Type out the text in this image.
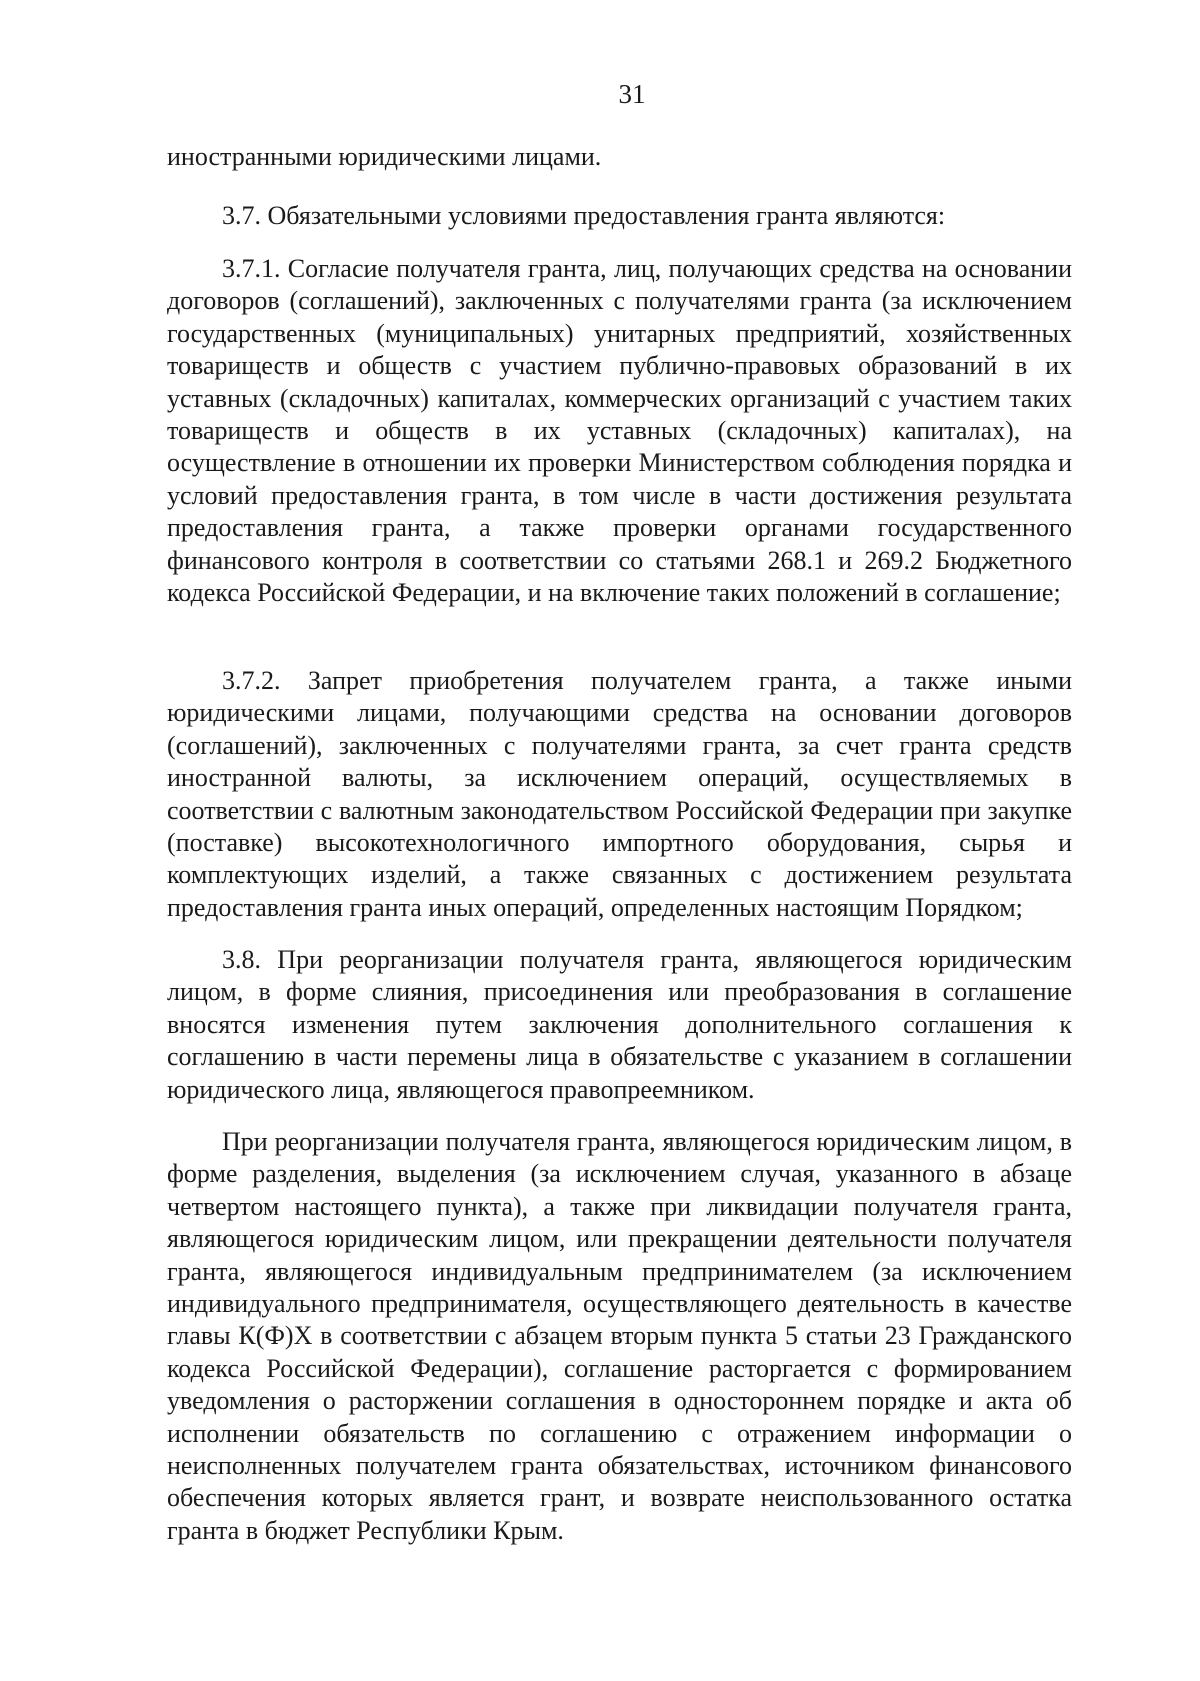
31

иностранными юридическими лицами.

3.7. Обязательными условиями предоставления гранта являются:

3.7.1. Согласие получателя гранта, лиц, получающих средства на основании договоров (соглашений), заключенных с получателями гранта (за исключением государственных (муниципальных) унитарных предприятий, хозяйственных товариществ и обществ с участием публично-правовых образований в их уставных (складочных) капиталах, коммерческих организаций с участием таких товариществ и обществ в их уставных (складочных) капиталах), на осуществление в отношении их проверки Министерством соблюдения порядка и условий предоставления гранта, в том числе в части достижения результата предоставления гранта, а также проверки органами государственного финансового контроля в соответствии со статьями 268.1 и 269.2 Бюджетного кодекса Российской Федерации, и на включение таких положений в соглашение;

3.7.2. Запрет приобретения получателем гранта, а также иными юридическими лицами, получающими средства на основании договоров (соглашений), заключенных с получателями гранта, за счет гранта средств иностранной валюты, за исключением операций, осуществляемых в соответствии с валютным законодательством Российской Федерации при закупке (поставке) высокотехнологичного импортного оборудования, сырья и комплектующих изделий, а также связанных с достижением результата предоставления гранта иных операций, определенных настоящим Порядком;

3.8. При реорганизации получателя гранта, являющегося юридическим лицом, в форме слияния, присоединения или преобразования в соглашение вносятся изменения путем заключения дополнительного соглашения к соглашению в части перемены лица в обязательстве с указанием в соглашении юридического лица, являющегося правопреемником.

При реорганизации получателя гранта, являющегося юридическим лицом, в форме разделения, выделения (за исключением случая, указанного в абзаце четвертом настоящего пункта), а также при ликвидации получателя гранта, являющегося юридическим лицом, или прекращении деятельности получателя гранта, являющегося индивидуальным предпринимателем (за исключением индивидуального предпринимателя, осуществляющего деятельность в качестве главы К(Ф)Х в соответствии с абзацем вторым пункта 5 статьи 23 Гражданского кодекса Российской Федерации), соглашение расторгается с формированием уведомления о расторжении соглашения в одностороннем порядке и акта об исполнении обязательств по соглашению с отражением информации о неисполненных получателем гранта обязательствах, источником финансового обеспечения которых является грант, и возврате неиспользованного остатка гранта в бюджет Республики Крым.
